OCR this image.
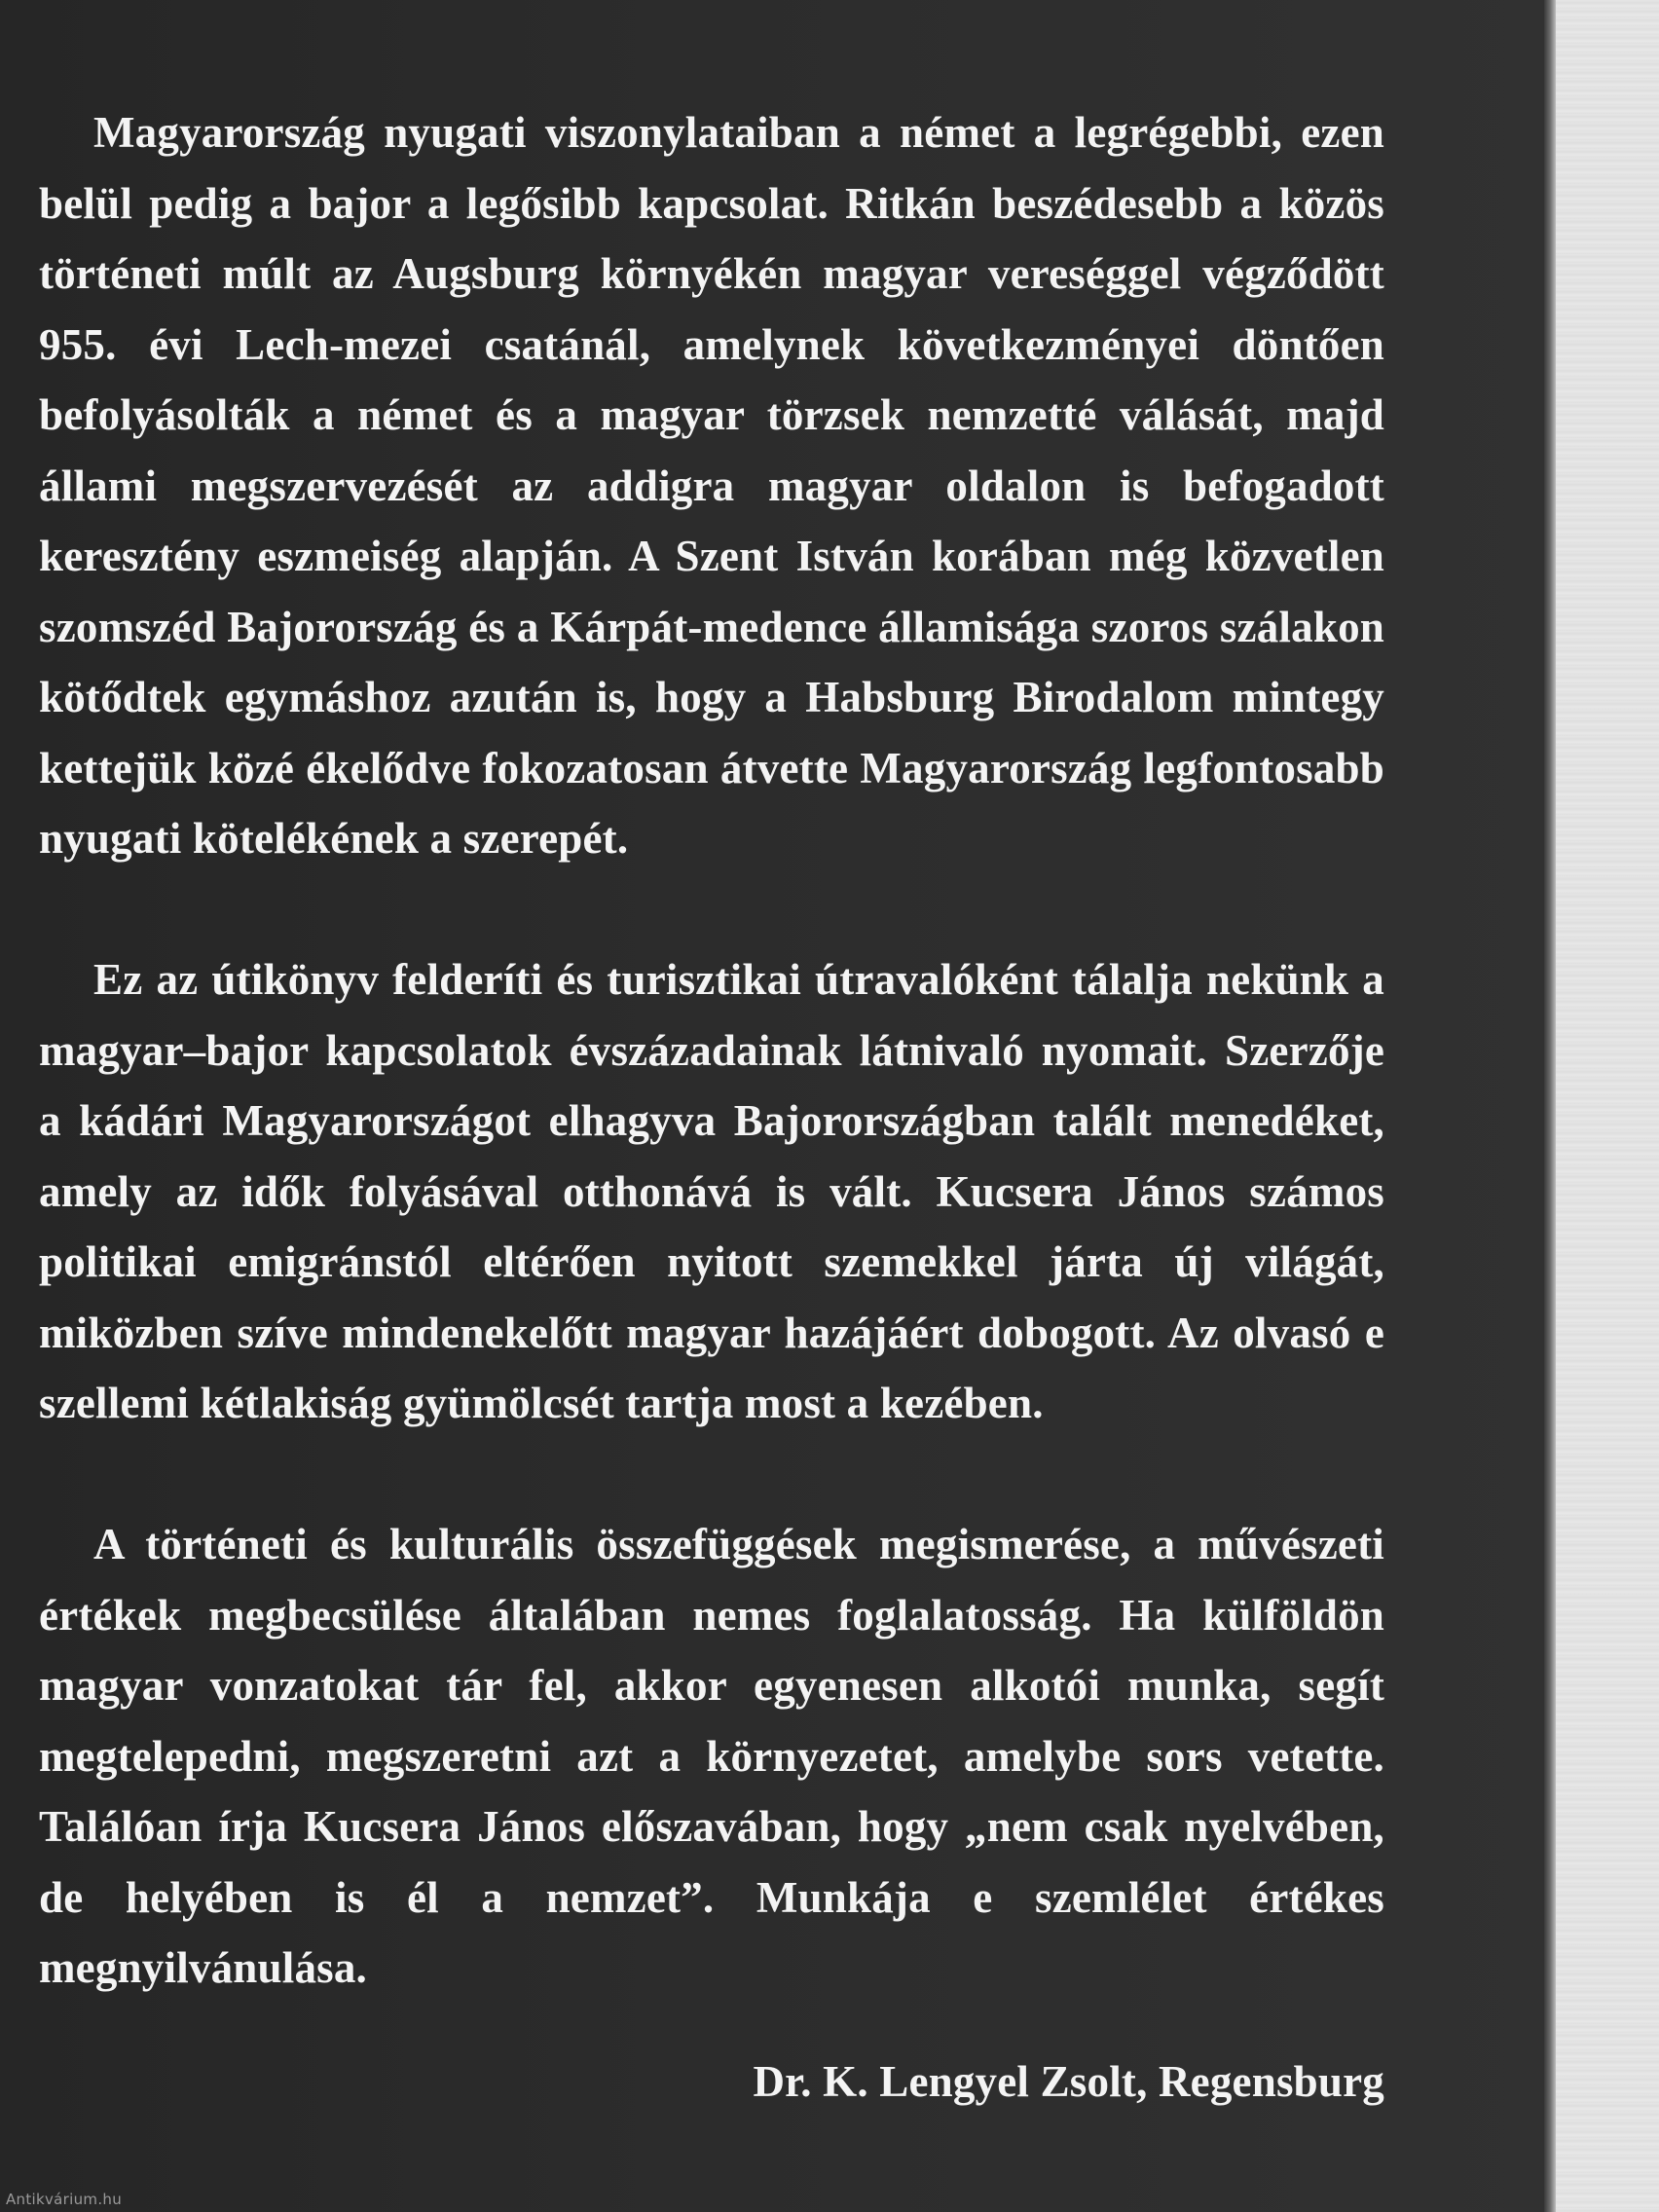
Magyarország nyugati viszonylataiban a német a legrégebbi, ezen belül pedig a bajor a legősibb kapcsolat. Ritkán beszédesebb a közös történeti múlt az Augsburg környékén magyar vereséggel végződött 955. évi Lech-mezei csatánál, amelynek következményei döntően befolyásolták a német és a magyar törzsek nemzetté válását, majd állami megszervezését az addigra magyar oldalon is befogadott keresztény eszmeiség alapján. A Szent István korában még közvetlen szomszéd Bajorország és a Kárpát-medence államisága szoros szálakon kötődtek egymáshoz azután is, hogy a Habsburg Birodalom mintegy kettejük közé ékelődve fokozatosan átvette Magyarország legfontosabb nyugati kötelékének a szerepét.

Ez az útikönyv felderíti és turisztikai útravalóként tálalja nekünk a magyar–bajor kapcsolatok évszázadainak látnivaló nyomait. Szerzője a kádári Magyarországot elhagyva Bajorországban talált menedéket, amely az idők folyásával otthonává is vált. Kucsera János számos politikai emigránstól eltérően nyitott szemekkel járta új világát, miközben szíve mindenekelőtt magyar hazájáért dobogott. Az olvasó e szellemi kétlakiság gyümölcsét tartja most a kezében.

A történeti és kulturális összefüggések megismerése, a művészeti értékek megbecsülése általában nemes foglalatosság. Ha külföldön magyar vonzatokat tár fel, akkor egyenesen alkotói munka, segít megtelepedni, megszeretni azt a környezetet, amelybe sors vetette. Találóan írja Kucsera János előszavában, hogy „nem csak nyelvében, de helyében is él a nemzet”. Munkája e szemlélet értékes megnyilvánulása.

Dr. K. Lengyel Zsolt, Regensburg
Antikvárium.hu
